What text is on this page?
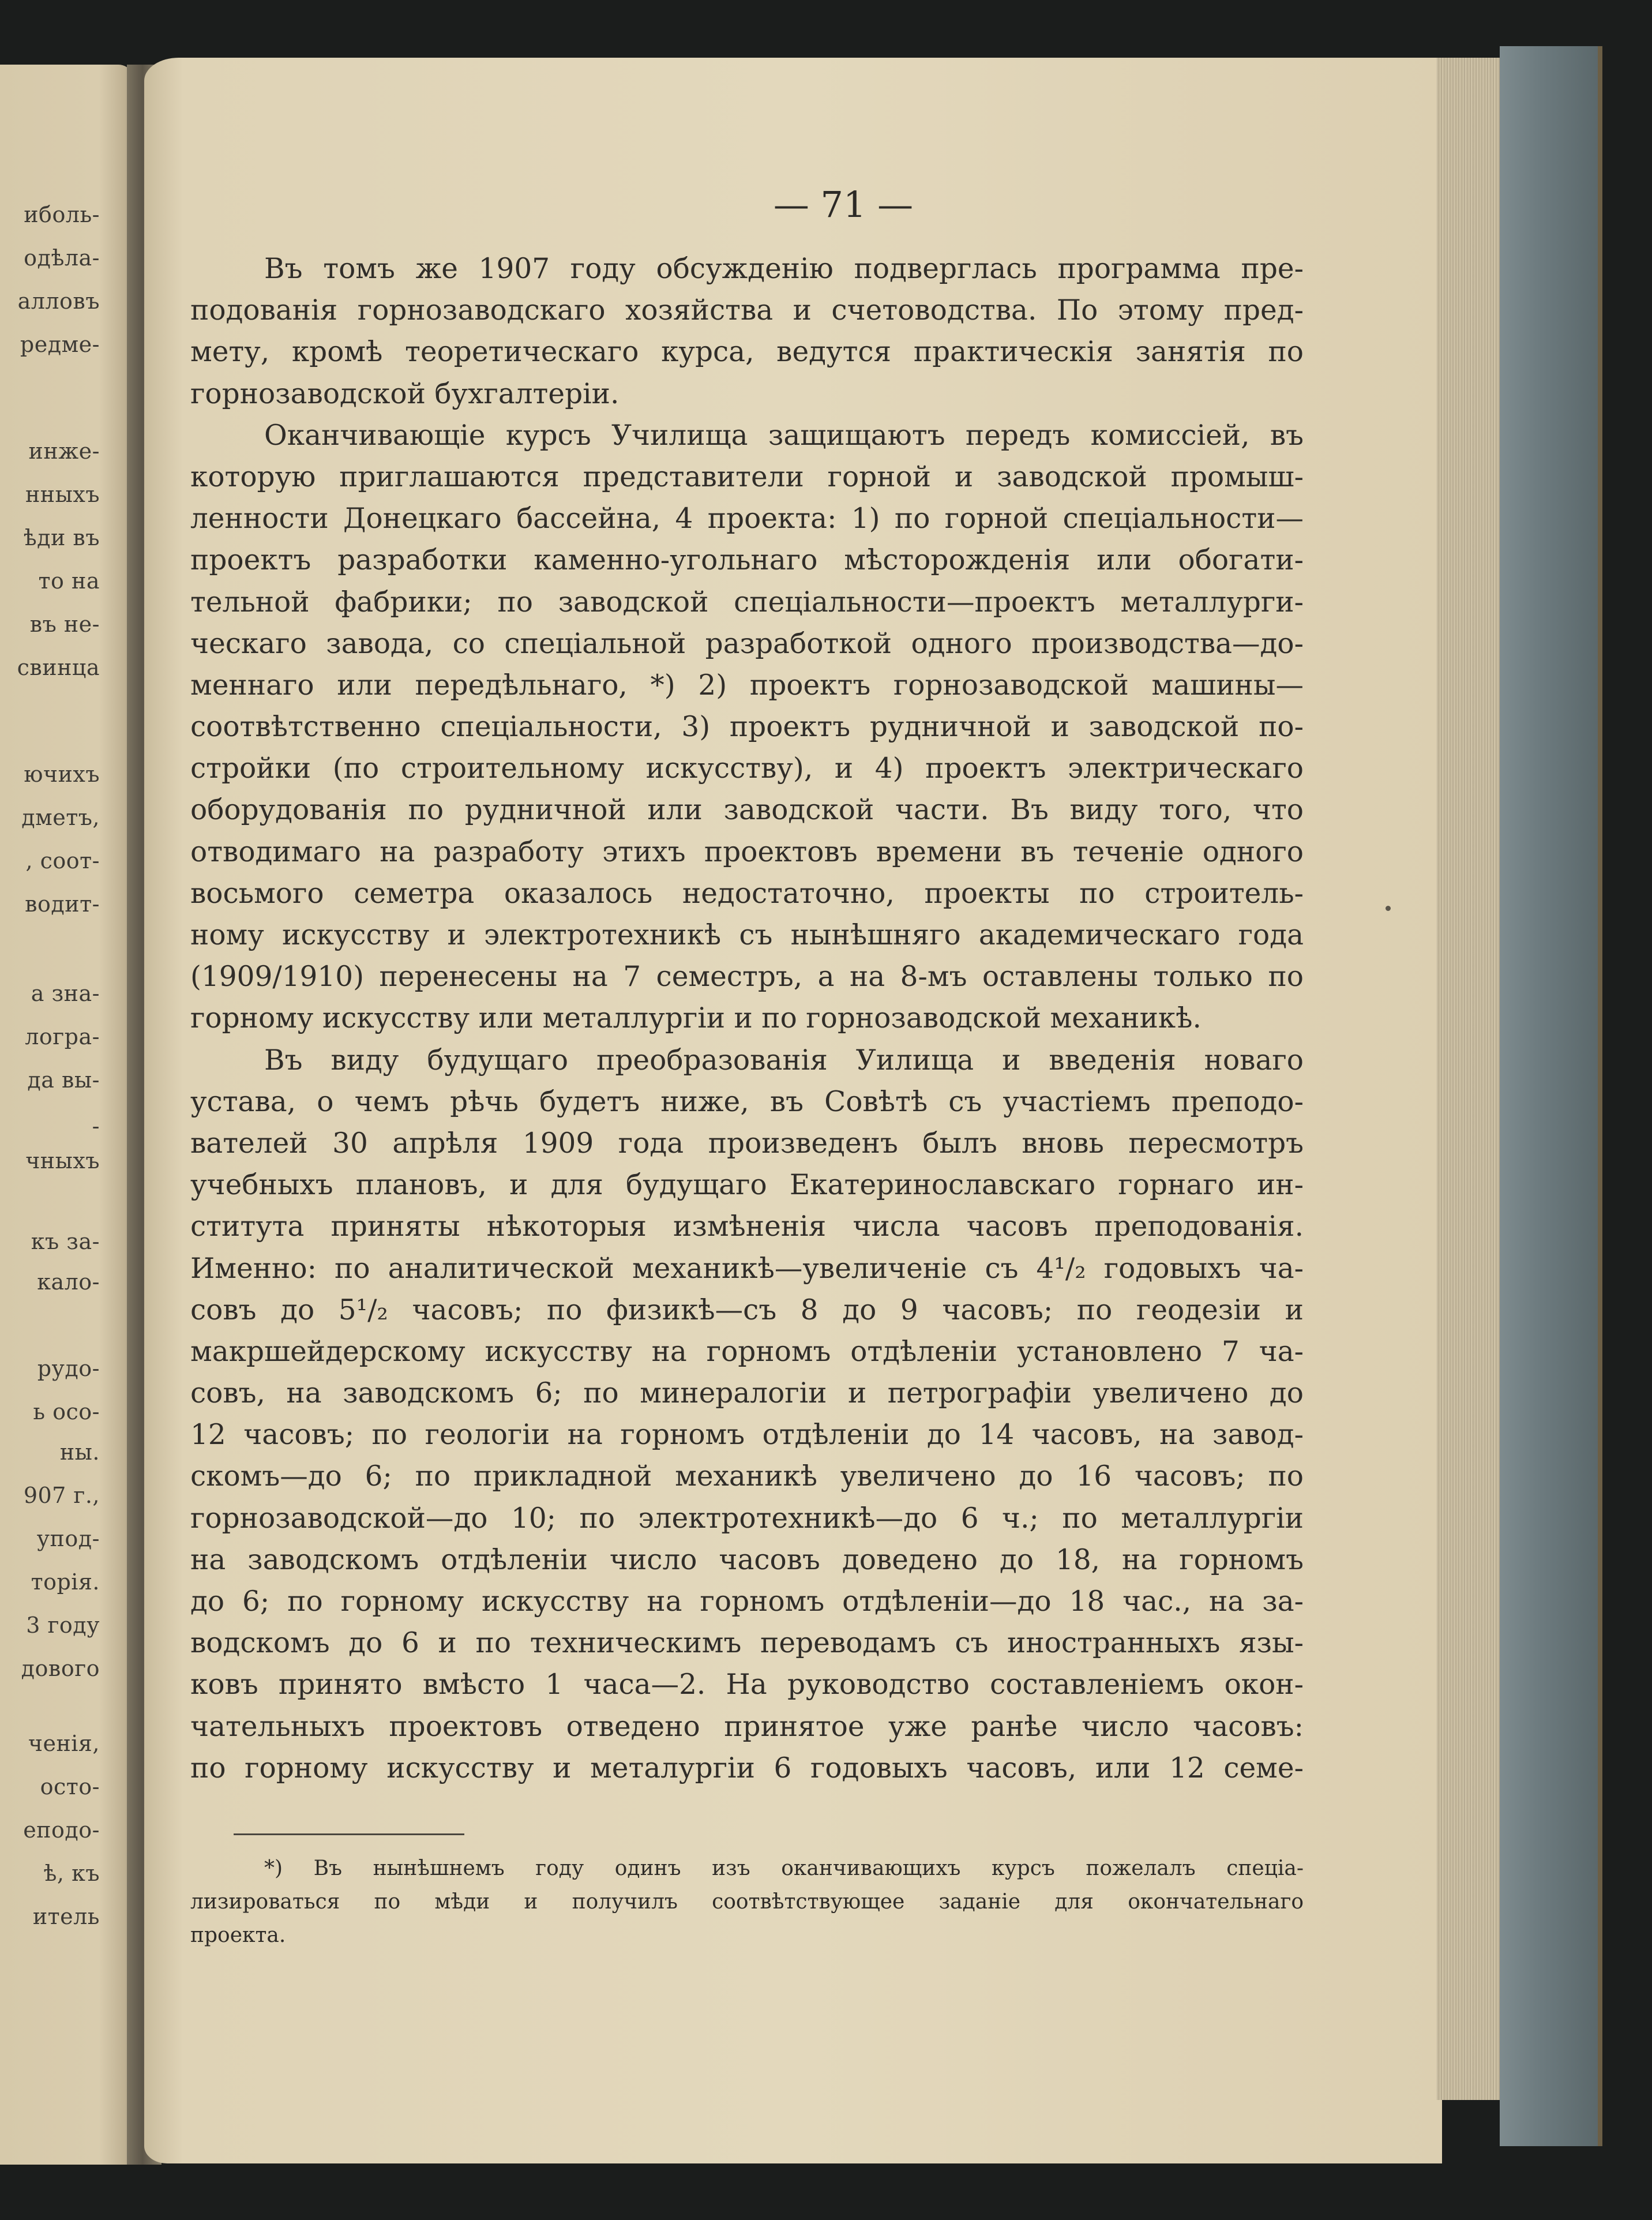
ибoль-
одѣла-
алловъ
редме-
инже-
нныхъ
ѣди въ
то на
въ не-
свинца
ючихъ
дметъ,
, соот-
водит-
а зна-
логра-
да вы-
-
чныхъ
къ за-
кало-
рудо-
ь осо-
ны.
907 г.,
упод-
торія.
3 году
дового
ченія,
осто-
еподо-
ѣ, къ
итель
— 71 —
Въ томъ же 1907 году обсужденію подверглась программа пре-
подованія горнозаводскаго хозяйства и счетоводства. По этому пред-
мету, кромѣ теоретическаго курса, ведутся практическія занятія по
горнозаводской бухгалтеріи.
Оканчивающіе курсъ Училища защищаютъ передъ комиссіей, въ
которую приглашаются представители горной и заводской промыш-
ленности Донецкаго бассейна, 4 проекта: 1) по горной спеціальности—
проектъ разработки каменно-угольнаго мѣсторожденія или обогати-
тельной фабрики; по заводской спеціальности—проектъ металлурги-
ческаго завода, со спеціальной разработкой одного производства—до-
меннаго или передѣльнаго, *) 2) проектъ горнозаводской машины—
соотвѣтственно спеціальности, 3) проектъ рудничной и заводской по-
стройки (по строительному искусству), и 4) проектъ электрическаго
оборудованія по рудничной или заводской части. Въ виду того, что
отводимаго на разработу этихъ проектовъ времени въ теченіе одного
восьмого семетра оказалось недостаточно, проекты по строитель-
ному искусству и электротехникѣ съ нынѣшняго академическаго года
(1909/1910) перенесены на 7 семестръ, а на 8-мъ оставлены только по
горному искусству или металлургіи и по горнозаводской механикѣ.
Въ виду будущаго преобразованія Уилища и введенія новаго
устава, о чемъ рѣчь будетъ ниже, въ Совѣтѣ съ участіемъ преподо-
вателей 30 апрѣля 1909 года произведенъ былъ вновь пересмотръ
учебныхъ плановъ, и для будущаго Екатеринославскаго горнаго ин-
ститута приняты нѣкоторыя измѣненія числа часовъ преподованія.
Именно: по аналитической механикѣ—увеличеніе съ 4¹/₂ годовыхъ ча-
совъ до 5¹/₂ часовъ; по физикѣ—съ 8 до 9 часовъ; по геодезіи и
макршейдерскому искусству на горномъ отдѣленіи установлено 7 ча-
совъ, на заводскомъ 6; по минералогіи и петрографіи увеличено до
12 часовъ; по геологіи на горномъ отдѣленіи до 14 часовъ, на завод-
скомъ—до 6; по прикладной механикѣ увеличено до 16 часовъ; по
горнозаводской—до 10; по электротехникѣ—до 6 ч.; по металлургіи
на заводскомъ отдѣленіи число часовъ доведено до 18, на горномъ
до 6; по горному искусству на горномъ отдѣленіи—до 18 час., на за-
водскомъ до 6 и по техническимъ переводамъ съ иностранныхъ язы-
ковъ принято вмѣсто 1 часа—2. На руководство составленіемъ окон-
чательныхъ проектовъ отведено принятое уже ранѣе число часовъ:
по горному искусству и металургіи 6 годовыхъ часовъ, или 12 семе-
*) Въ нынѣшнемъ году одинъ изъ оканчивающихъ курсъ пожелалъ спеціа-
лизироваться по мѣди и получилъ соотвѣтствующее заданіе для окончательнаго
проекта.
